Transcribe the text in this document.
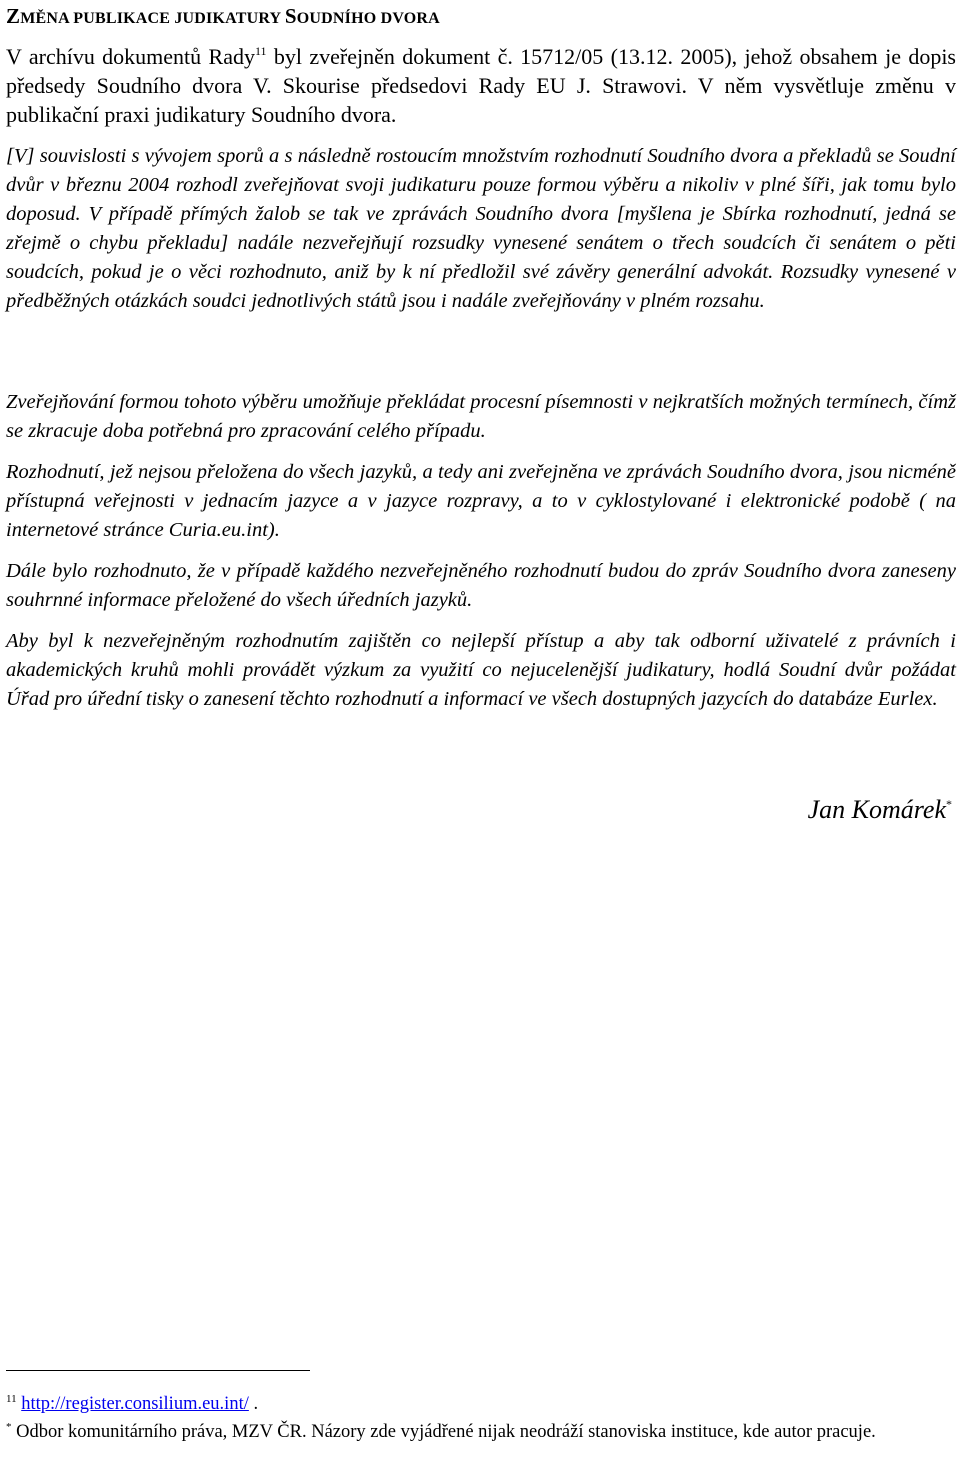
ZMĚNA PUBLIKACE JUDIKATURY SOUDNÍHO DVORA
V archívu dokumentů Rady$^{11}$ byl zveřejněn dokument č. 15712/05 (13.12. 2005), jehož obsahem je dopis předsedy Soudního dvora V. Skourise předsedovi Rady EU J. Strawovi. V něm vysvětluje změnu v publikační praxi judikatury Soudního dvora.
[V] souvislosti s vývojem sporů a s následně rostoucím množstvím rozhodnutí Soudního dvora a překladů se Soudní dvůr v březnu 2004 rozhodl zveřejňovat svoji judikaturu pouze formou výběru a nikoliv v plné šíři, jak tomu bylo doposud. V případě přímých žalob se tak ve zprávách Soudního dvora [myšlena je Sbírka rozhodnutí, jedná se zřejmě o chybu překladu] nadále nezveřejňují rozsudky vynesené senátem o třech soudcích či senátem o pěti soudcích, pokud je o věci rozhodnuto, aniž by k ní předložil své závěry generální advokát. Rozsudky vynesené v předběžných otázkách soudci jednotlivých států jsou i nadále zveřejňovány v plném rozsahu.
Zveřejňování formou tohoto výběru umožňuje překládat procesní písemnosti v nejkratších možných termínech, čímž se zkracuje doba potřebná pro zpracování celého případu.
Rozhodnutí, jež nejsou přeložena do všech jazyků, a tedy ani zveřejněna ve zprávách Soudního dvora, jsou nicméně přístupná veřejnosti v jednacím jazyce a v jazyce rozpravy, a to v cyklostylované i elektronické podobě ( na internetové stránce Curia.eu.int).
Dále bylo rozhodnuto, že v případě každého nezveřejněného rozhodnutí budou do zpráv Soudního dvora zaneseny souhrnné informace přeložené do všech úředních jazyků.
Aby byl k nezveřejněným rozhodnutím zajištěn co nejlepší přístup a aby tak odborní uživatelé z právních i akademických kruhů mohli provádět výzkum za využití co nejucelenější judikatury, hodlá Soudní dvůr požádat Úřad pro úřední tisky o zanesení těchto rozhodnutí a informací ve všech dostupných jazycích do databáze Eurlex.
Jan Komárek*
$^{11}$ http://register.consilium.eu.int/ .
* Odbor komunitárního práva, MZV ČR. Názory zde vyjádřené nijak neodráží stanoviska instituce, kde autor pracuje.
